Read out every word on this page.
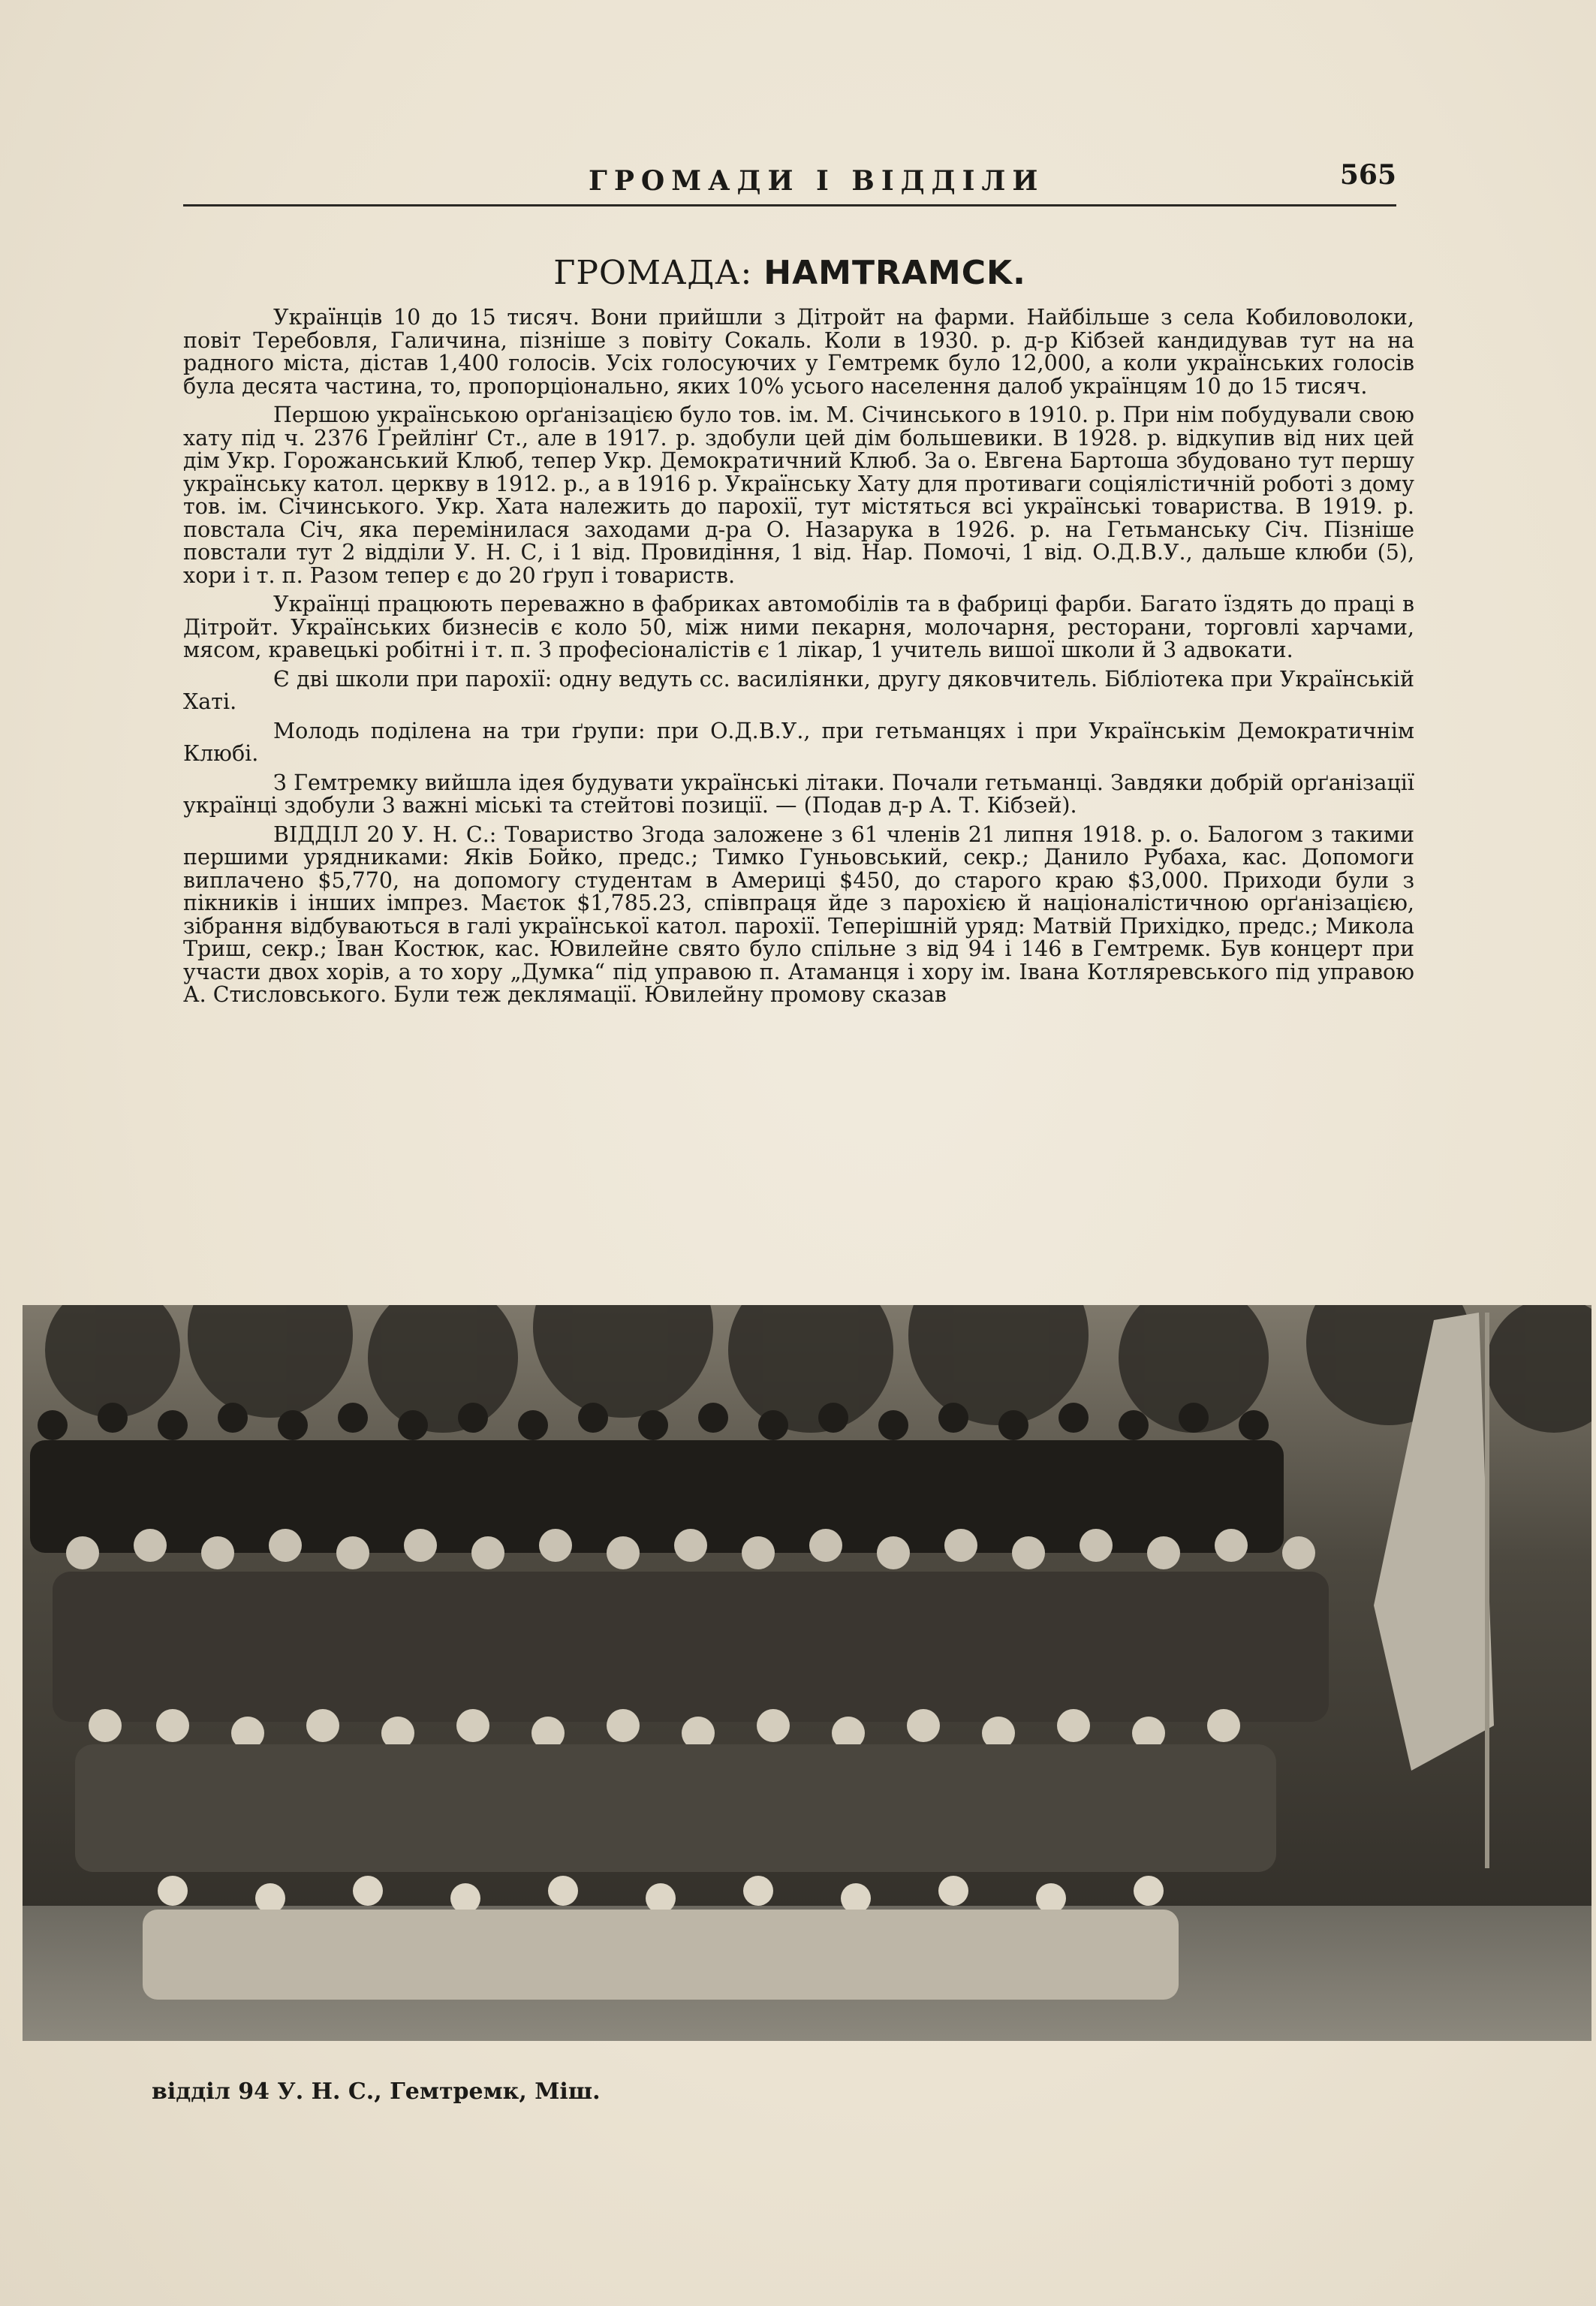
ГРОМАДИ І ВІДДІЛИ	565
ГРОМАДА: HAMTRAMCK.

Українців 10 до 15 тисяч. Вони прийшли з Дітройт на фарми. Найбільше з села Кобиловолоки, повіт Теребовля, Галичина, пізніше з повіту Сокаль. Коли в 1930. р. д-р Кібзей кандидував тут на на радного міста, дістав 1,400 голосів. Усіх голосуючих у Гемтремк було 12,000, а коли українських голосів була десята частина, то, пропорціонально, яких 10% усього населення далоб українцям 10 до 15 тисяч.

Першою українською орґанізацією було тов. ім. М. Січинського в 1910. р. При нім побудували свою хату під ч. 2376 Ґрейлінґ Ст., але в 1917. р. здобули цей дім большевики. В 1928. р. відкупив від них цей дім Укр. Горожанський Клюб, тепер Укр. Демократичний Клюб. За о. Евгена Бартоша збудовано тут першу українську катол. церкву в 1912. р., а в 1916 р. Українську Хату для противаги соціялістичній роботі з дому тов. ім. Січинського. Укр. Хата належить до парохії, тут містяться всі українські товариства. В 1919. р. повстала Січ, яка перемінилася заходами д-ра О. Назарука в 1926. р. на Гетьманську Січ. Пізніше повстали тут 2 відділи У. Н. С, і 1 від. Провидіння, 1 від. Нар. Помочі, 1 від. О.Д.В.У., дальше клюби (5), хори і т. п. Разом тепер є до 20 ґруп і товариств.

Українці працюють переважно в фабриках автомобілів та в фабриці фарби. Багато їздять до праці в Дітройт. Українських бизнесів є коло 50, між ними пекарня, молочарня, ресторани, торговлі харчами, мясом, кравецькі робітні і т. п. З професіоналістів є 1 лікар, 1 учитель вишої школи й 3 адвокати.

Є дві школи при парохії: одну ведуть сс. василіянки, другу дяковчитель. Бібліотека при Українській Хаті.

Молодь поділена на три ґрупи: при О.Д.В.У., при гетьманцях і при Українськім Демократичнім Клюбі.

З Гемтремку вийшла ідея будувати українські літаки. Почали гетьманці. Завдяки добрій орґанізації українці здобули 3 важні міські та стейтові позиції. — (Подав д-р А. Т. Кібзей).

ВІДДІЛ 20 У. Н. С.: Товариство Згода заложене з 61 членів 21 липня 1918. р. о. Балогом з такими першими урядниками: Яків Бойко, предс.; Тимко Гуньовський, секр.; Данило Рубаха, кас. Допомоги виплачено $5,770, на допомогу студентам в Америці $450, до старого краю $3,000. Приходи були з пікників і інших імпрез. Маєток $1,785.23, співпраця йде з парохією й націоналістичною орґанізацією, зібрання відбуваються в галі української катол. парохії. Теперішній уряд: Матвій Прихідко, предс.; Микола Триш, секр.; Іван Костюк, кас. Ювилейне свято було спільне з від 94 і 146 в Гемтремк. Був концерт при участи двох хорів, а то хору „Думка“ під управою п. Атаманця і хору ім. Івана Котляревського під управою А. Стисловського. Були теж деклямації. Ювилейну промову сказав

відділ 94 У. Н. С., Гемтремк, Міш.
